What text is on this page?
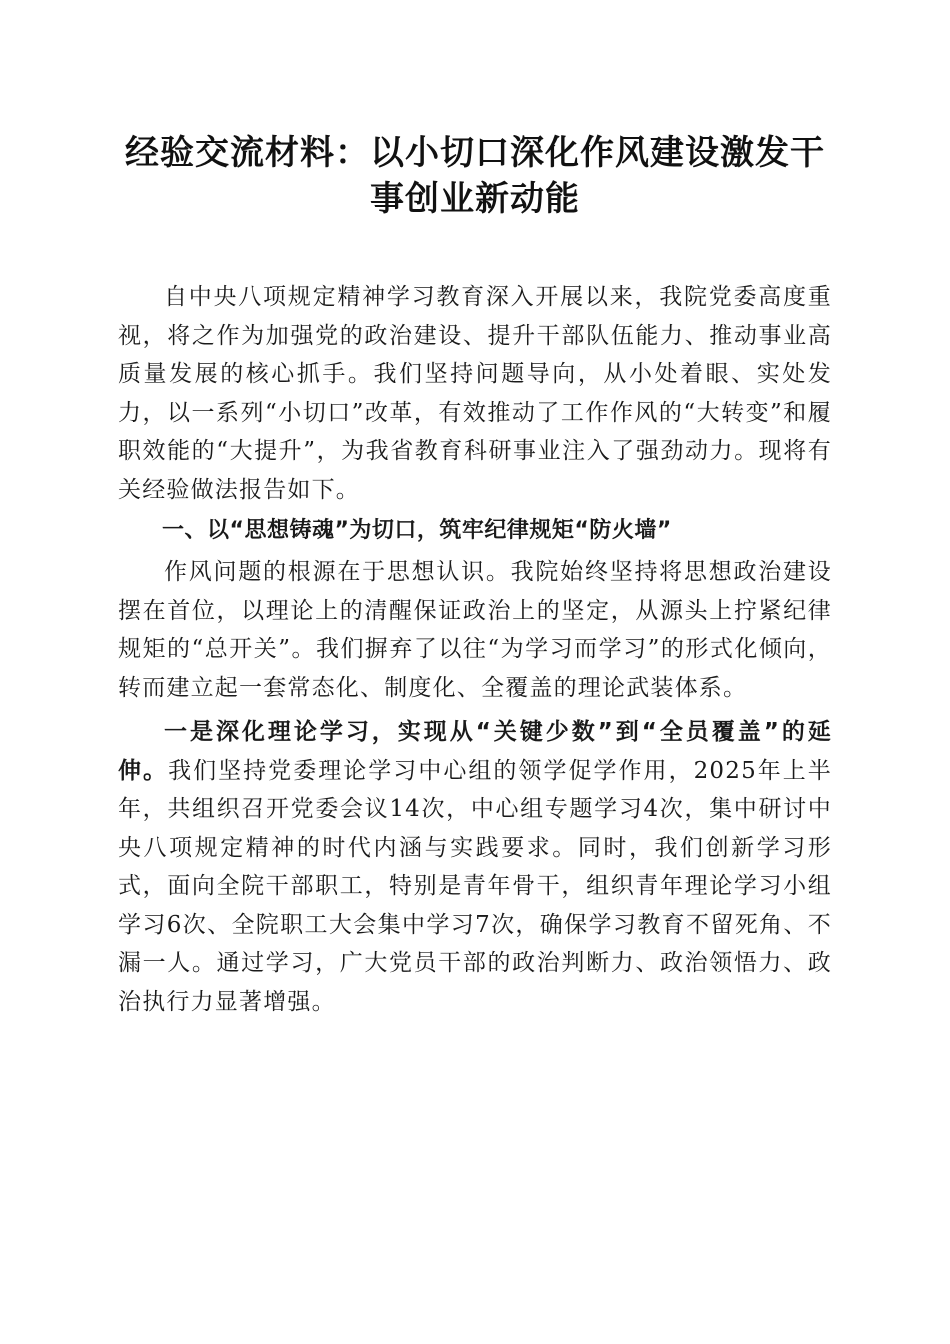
经验交流材料：以小切口深化作风建设激发干
事创业新动能

自中央八项规定精神学习教育深入开展以来，我院党委高度重视，将之作为加强党的政治建设、提升干部队伍能力、推动事业高质量发展的核心抓手。我们坚持问题导向，从小处着眼、实处发力，以一系列“小切口”改革，有效推动了工作作风的“大转变”和履职效能的“大提升”，为我省教育科研事业注入了强劲动力。现将有关经验做法报告如下。

一、以“思想铸魂”为切口，筑牢纪律规矩“防火墙”

作风问题的根源在于思想认识。我院始终坚持将思想政治建设摆在首位，以理论上的清醒保证政治上的坚定，从源头上拧紧纪律规矩的“总开关”。我们摒弃了以往“为学习而学习”的形式化倾向，转而建立起一套常态化、制度化、全覆盖的理论武装体系。

一是深化理论学习，实现从“关键少数”到“全员覆盖”的延伸。我们坚持党委理论学习中心组的领学促学作用，2025年上半年，共组织召开党委会议14次，中心组专题学习4次，集中研讨中央八项规定精神的时代内涵与实践要求。同时，我们创新学习形式，面向全院干部职工，特别是青年骨干，组织青年理论学习小组学习6次、全院职工大会集中学习7次，确保学习教育不留死角、不漏一人。通过学习，广大党员干部的政治判断力、政治领悟力、政治执行力显著增强。
